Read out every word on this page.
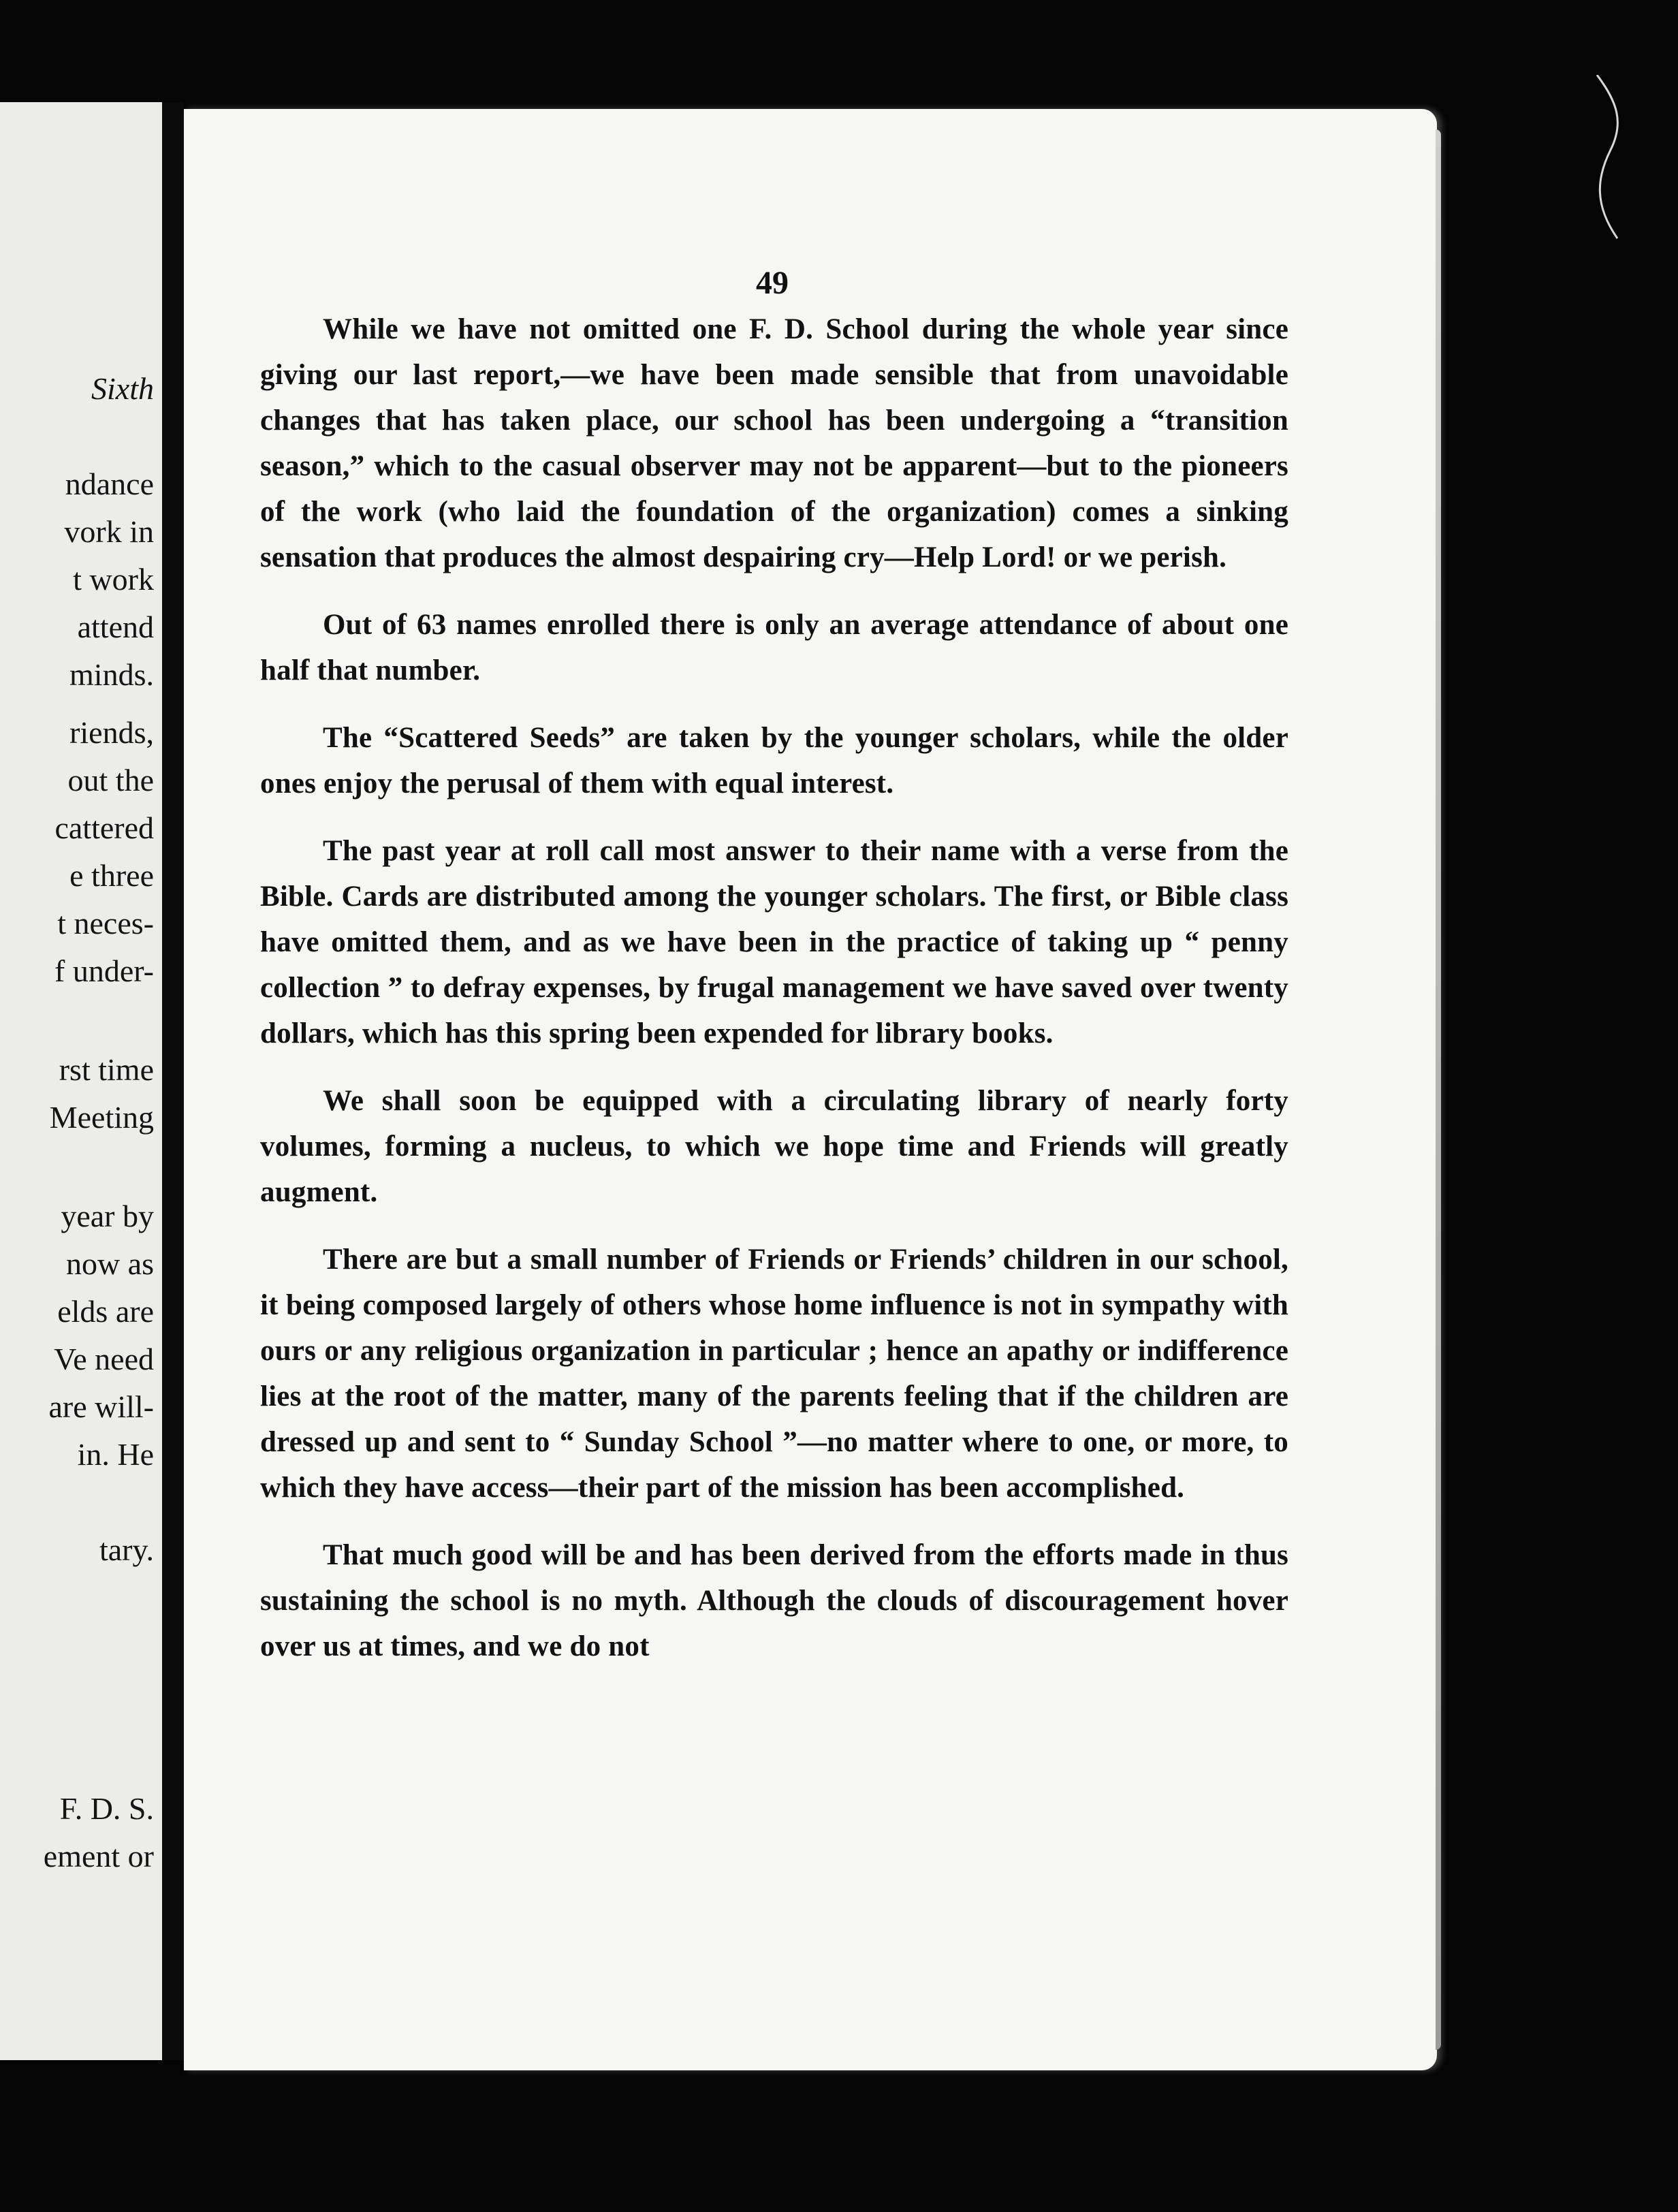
Sixth
ndance
vork in
t work
attend
minds.
riends,
out the
cattered
e three
t neces-
f under-
rst time
Meeting
year by
now as
elds are
Ve need
are will-
in. He
tary.
F. D. S.
ement or
49

While we have not omitted one F. D. School during the whole year since giving our last report,—we have been made sensible that from unavoidable changes that has taken place, our school has been undergoing a “transition season,” which to the casual observer may not be apparent—but to the pioneers of the work (who laid the foundation of the organization) comes a sinking sensation that produces the almost despairing cry—Help Lord! or we perish.

Out of 63 names enrolled there is only an average attendance of about one half that number.

The “Scattered Seeds” are taken by the younger scholars, while the older ones enjoy the perusal of them with equal interest.

The past year at roll call most answer to their name with a verse from the Bible. Cards are distributed among the younger scholars. The first, or Bible class have omitted them, and as we have been in the practice of taking up “ penny collection ” to defray expenses, by frugal management we have saved over twenty dollars, which has this spring been expended for library books.

We shall soon be equipped with a circulating library of nearly forty volumes, forming a nucleus, to which we hope time and Friends will greatly augment.

There are but a small number of Friends or Friends’ children in our school, it being composed largely of others whose home influence is not in sympathy with ours or any religious organization in particular ; hence an apathy or indifference lies at the root of the matter, many of the parents feeling that if the children are dressed up and sent to “ Sunday School ”—no matter where to one, or more, to which they have access—their part of the mission has been accomplished.

That much good will be and has been derived from the efforts made in thus sustaining the school is no myth. Although the clouds of discouragement hover over us at times, and we do not
